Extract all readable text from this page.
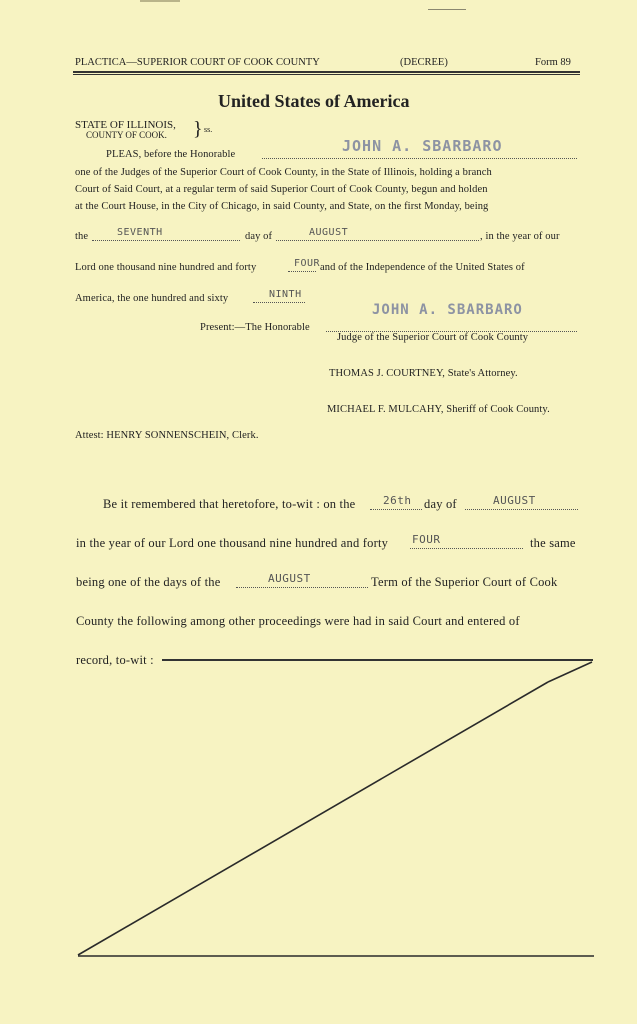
PLACTICA—SUPERIOR COURT OF COOK COUNTY	(DECREE)	Form 89
United States of America
STATE OF ILLINOIS,
COUNTY OF COOK. } ss.
PLEAS, before the Honorable	JOHN A. SBARBARO
one of the Judges of the Superior Court of Cook County, in the State of Illinois, holding a branch
Court of Said Court, at a regular term of said Superior Court of Cook County, begun and holden
at the Court House, in the City of Chicago, in said County, and State, on the first Monday, being
the	SEVENTH	day of	AUGUST	, in the year of our
Lord one thousand nine hundred and forty	FOUR and of the Independence of the United States of
America, the one hundred and sixty	NINTH
JOHN A. SBARBARO
Present:—The Honorable
Judge of the Superior Court of Cook County
THOMAS J. COURTNEY, State's Attorney.
MICHAEL F. MULCAHY, Sheriff of Cook County.
Attest: HENRY SONNENSCHEIN, Clerk.
Be it remembered that heretofore, to-wit : on the	26th day of	AUGUST
in the year of our Lord one thousand nine hundred and forty FOUR	the same
being one of the days of the	AUGUST	Term of the Superior Court of Cook
County the following among other proceedings were had in said Court and entered of
record, to-wit :
